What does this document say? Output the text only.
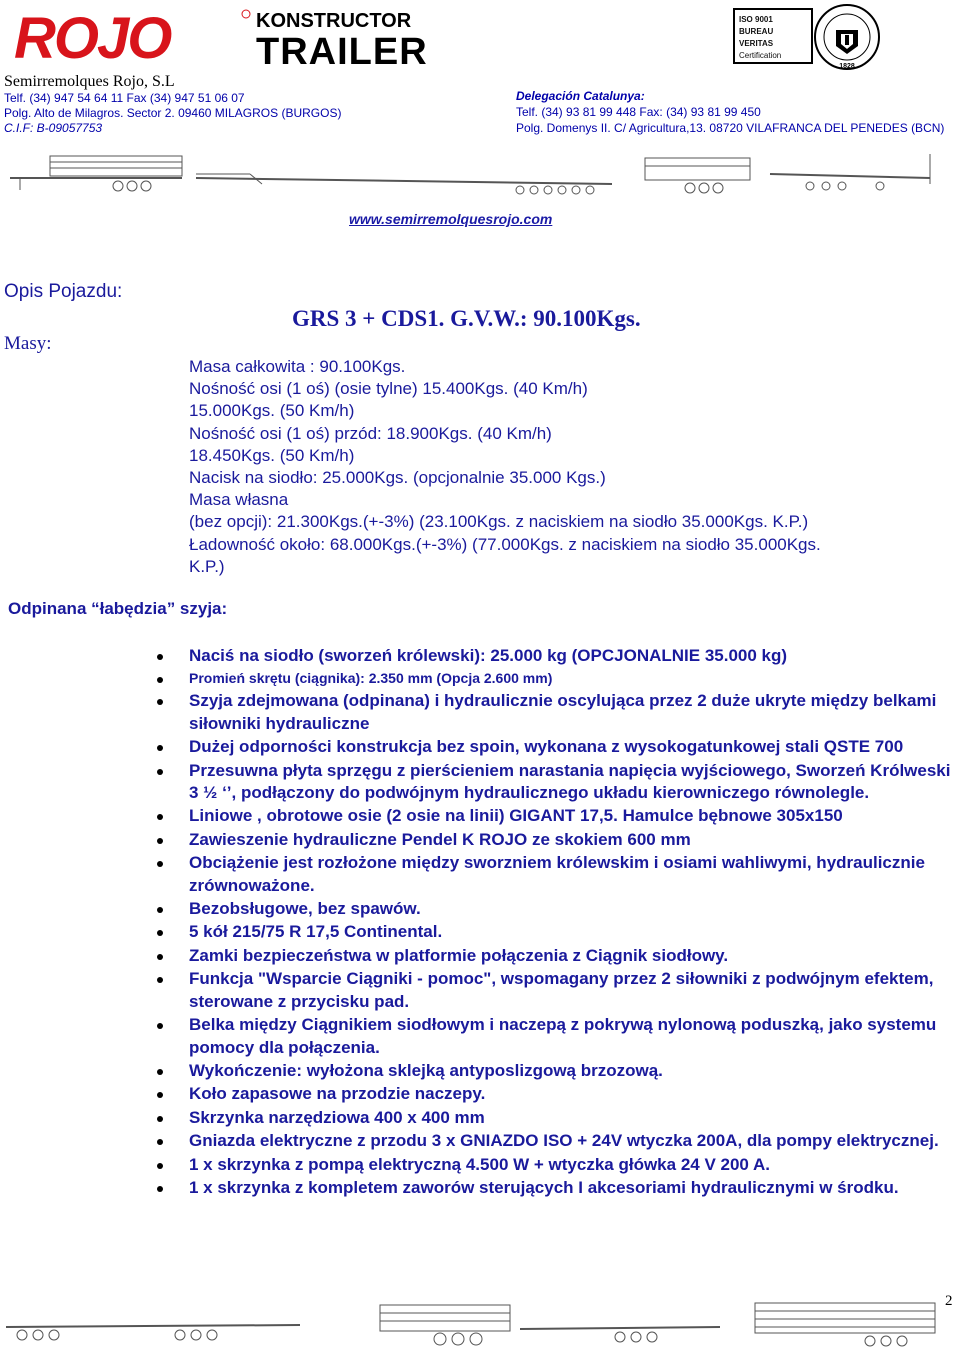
ROJO	KONSTRUCTOR
TRAILER
ISO 9001
BUREAU VERITAS
Certification
1828
Semirremolques Rojo, S.L
Telf. (34) 947 54 64 11 Fax (34) 947 51 06 07
Polg. Alto de Milagros. Sector 2. 09460 MILAGROS (BURGOS)
C.I.F: B-09057753
Delegación Catalunya:
Telf. (34) 93 81 99 448 Fax: (34) 93 81 99 450
Polg. Domenys II. C/ Agricultura,13. 08720 VILAFRANCA DEL PENEDES (BCN)
www.semirremolquesrojo.com
Opis Pojazdu:
Masy:
GRS 3 + CDS1. G.V.W.: 90.100Kgs.
Masa całkowita : 90.100Kgs.
Nośność osi (1 oś) (osie tylne) 15.400Kgs. (40 Km/h)
15.000Kgs. (50 Km/h)
Nośność osi (1 oś) przód: 18.900Kgs. (40 Km/h)
18.450Kgs. (50 Km/h)
Nacisk na siodło: 25.000Kgs. (opcjonalnie 35.000 Kgs.)
Masa własna
(bez opcji): 21.300Kgs.(+-3%) (23.100Kgs. z naciskiem na siodło 35.000Kgs. K.P.)
Ładowność około: 68.000Kgs.(+-3%) (77.000Kgs. z naciskiem na siodło 35.000Kgs.
K.P.)
Odpinana “łabędzia” szyja:
Naciś na siodło (sworzeń królewski): 25.000 kg (OPCJONALNIE 35.000 kg)
Promień skrętu (ciągnika): 2.350 mm (Opcja 2.600 mm)
Szyja zdejmowana (odpinana) i hydraulicznie oscylująca przez 2 duże ukryte między belkami siłowniki hydrauliczne
Dużej odporności konstrukcja bez spoin, wykonana z wysokogatunkowej stali QSTE 700
Przesuwna płyta sprzęgu z pierścieniem narastania napięcia wyjściowego, Sworzeń Królweski 3 ½ ‘’, podłączony do podwójnym hydraulicznego układu kierowniczego równolegle.
Liniowe , obrotowe osie (2 osie na linii) GIGANT 17,5. Hamulce bębnowe 305x150
Zawieszenie hydrauliczne Pendel K ROJO ze skokiem 600 mm
Obciążenie jest rozłożone między sworzniem królewskim i osiami wahliwymi, hydraulicznie zrównoważone.
Bezobsługowe, bez spawów.
5 kół 215/75 R 17,5 Continental.
Zamki bezpieczeństwa w platformie połączenia z Ciągnik siodłowy.
Funkcja "Wsparcie Ciągniki - pomoc", wspomagany przez 2 siłowniki z podwójnym efektem, sterowane z przycisku pad.
Belka między Ciągnikiem siodłowym i naczepą z pokrywą nylonową poduszką, jako systemu pomocy dla połączenia.
Wykończenie: wyłożona sklejką antyposlizgową brzozową.
Koło zapasowe na przodzie naczepy.
Skrzynka narzędziowa 400 x 400 mm
Gniazda elektryczne z przodu 3 x GNIAZDO ISO + 24V wtyczka 200A, dla pompy elektrycznej.
1 x skrzynka z pompą elektryczną 4.500 W + wtyczka główka 24 V 200 A.
1 x skrzynka z kompletem zaworów sterujących I akcesoriami hydraulicznymi w środku.
2
